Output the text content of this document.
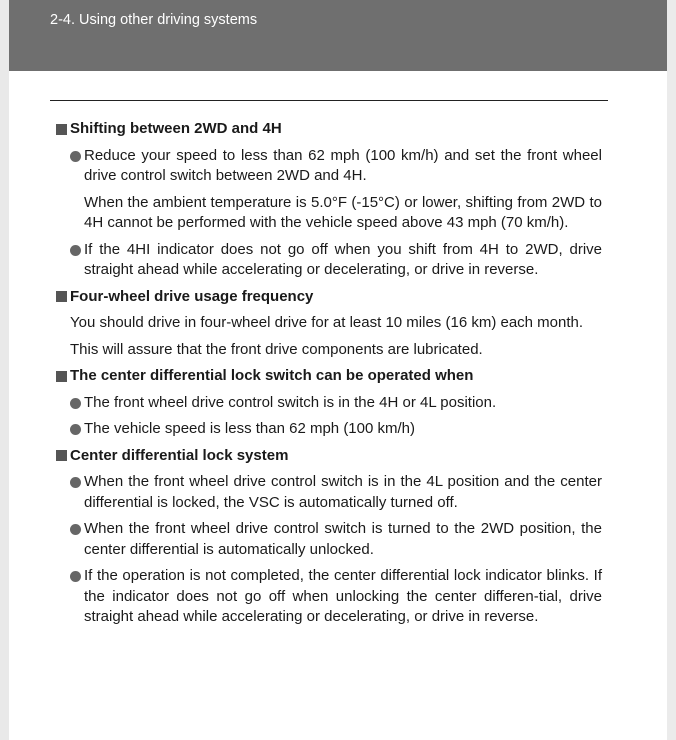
2-4. Using other driving systems
Shifting between 2WD and 4H
Reduce your speed to less than 62 mph (100 km/h) and set the front wheel drive control switch between 2WD and 4H.
When the ambient temperature is 5.0°F (-15°C) or lower, shifting from 2WD to 4H cannot be performed with the vehicle speed above 43 mph (70 km/h).
If the 4HI indicator does not go off when you shift from 4H to 2WD, drive straight ahead while accelerating or decelerating, or drive in reverse.
Four-wheel drive usage frequency
You should drive in four-wheel drive for at least 10 miles (16 km) each month.
This will assure that the front drive components are lubricated.
The center differential lock switch can be operated when
The front wheel drive control switch is in the 4H or 4L position.
The vehicle speed is less than 62 mph (100 km/h)
Center differential lock system
When the front wheel drive control switch is in the 4L position and the center differential is locked, the VSC is automatically turned off.
When the front wheel drive control switch is turned to the 2WD position, the center differential is automatically unlocked.
If the operation is not completed, the center differential lock indicator blinks. If the indicator does not go off when unlocking the center differen-tial, drive straight ahead while accelerating or decelerating, or drive in reverse.
